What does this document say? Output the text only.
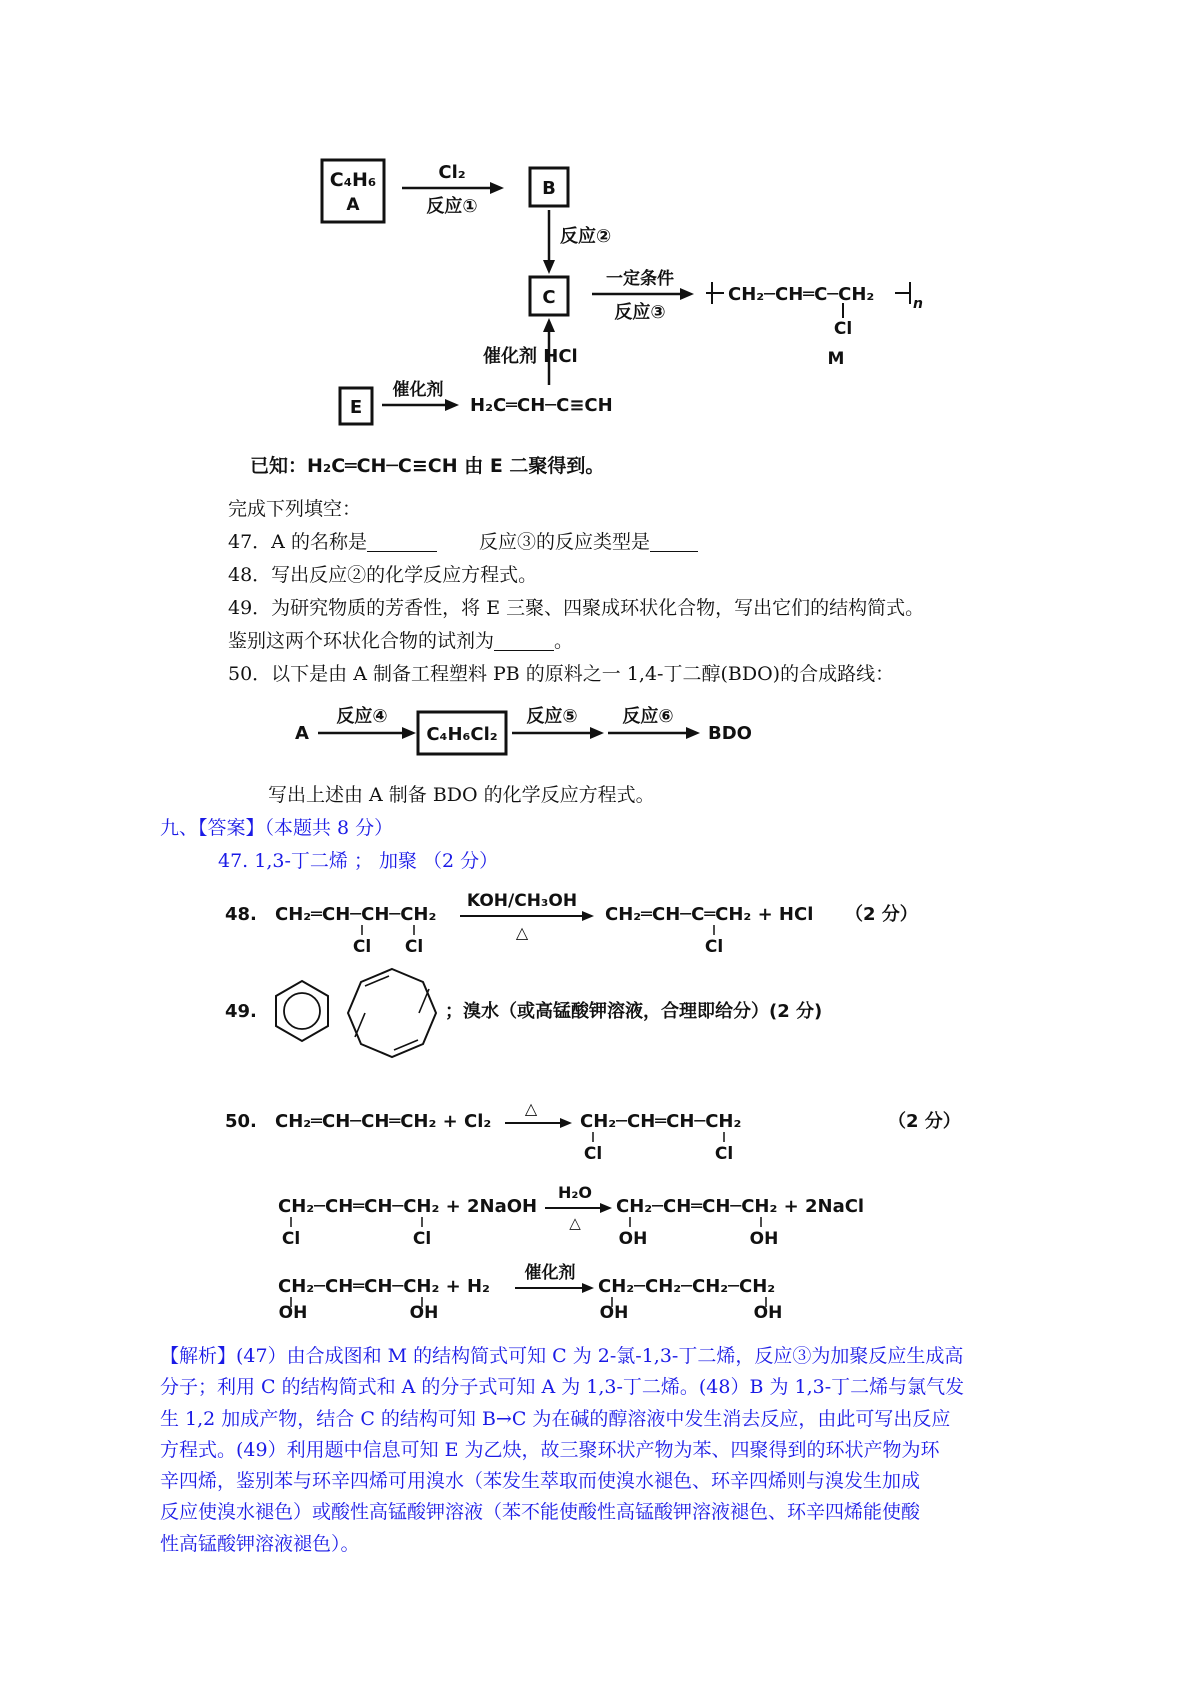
C₄H₆
A
Cl₂
反应①
B
反应②
C
一定条件
反应③
CH₂─CH═C─CH₂	n
Cl
M
催化剂 HCl
E
催化剂
H₂C═CH─C≡CH
已知：H₂C═CH─C≡CH 由 E 二聚得到。
完成下列填空：
47．A 的名称是	反应③的反应类型是
48．写出反应②的化学反应方程式。
49．为研究物质的芳香性，将 E 三聚、四聚成环状化合物，写出它们的结构简式。
鉴别这两个环状化合物的试剂为	。
50．以下是由 A 制备工程塑料 PB 的原料之一 1,4-丁二醇(BDO)的合成路线：
A
反应④
C₄H₆Cl₂
反应⑤ 反应⑥
BDO
写出上述由 A 制备 BDO 的化学反应方程式。
九、【答案】（本题共 8 分）
47. 1,3-丁二烯 ； 加聚 （2 分）
48. CH₂═CH─CH─CH₂
Cl Cl
KOH/CH₃OH
△
CH₂═CH─C═CH₂ + HCl
Cl
（2 分）
49.	；溴水（或高锰酸钾溶液，合理即给分）(2 分)
50. CH₂═CH─CH═CH₂ + Cl₂
△
CH₂─CH═CH─CH₂
Cl	Cl
（2 分）
CH₂─CH═CH─CH₂ + 2NaOH
Cl	Cl
H₂O
△
CH₂─CH═CH─CH₂ + 2NaCl
OH	OH
CH₂─CH═CH─CH₂ + H₂
OH	OH
催化剂
CH₂─CH₂─CH₂─CH₂
OH	OH
【解析】(47）由合成图和 M 的结构简式可知 C 为 2-氯-1,3-丁二烯，反应③为加聚反应生成高
分子；利用 C 的结构简式和 A 的分子式可知 A 为 1,3-丁二烯。(48）B 为 1,3-丁二烯与氯气发
生 1,2 加成产物，结合 C 的结构可知 B→C 为在碱的醇溶液中发生消去反应，由此可写出反应
方程式。(49）利用题中信息可知 E 为乙炔，故三聚环状产物为苯、四聚得到的环状产物为环
辛四烯，鉴别苯与环辛四烯可用溴水（苯发生萃取而使溴水褪色、环辛四烯则与溴发生加成
反应使溴水褪色）或酸性高锰酸钾溶液（苯不能使酸性高锰酸钾溶液褪色、环辛四烯能使酸
性高锰酸钾溶液褪色）。
